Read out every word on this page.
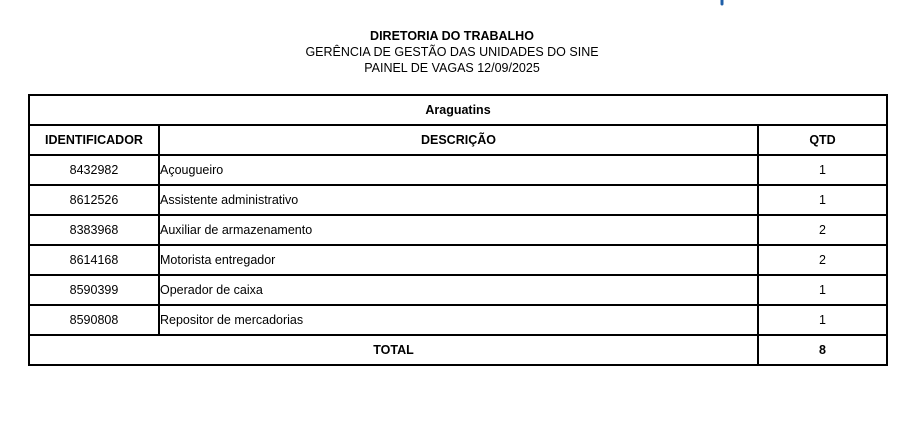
DIRETORIA DO TRABALHO
GERÊNCIA DE GESTÃO DAS UNIDADES DO SINE
PAINEL DE VAGAS 12/09/2025
Araguatins		
IDENTIFICADOR	DESCRIÇÃO	QTD
8432982	Açougueiro	1
8612526	Assistente administrativo	1
8383968	Auxiliar de armazenamento	2
8614168	Motorista entregador	2
8590399	Operador de caixa	1
8590808	Repositor de mercadorias	1
TOTAL		8
